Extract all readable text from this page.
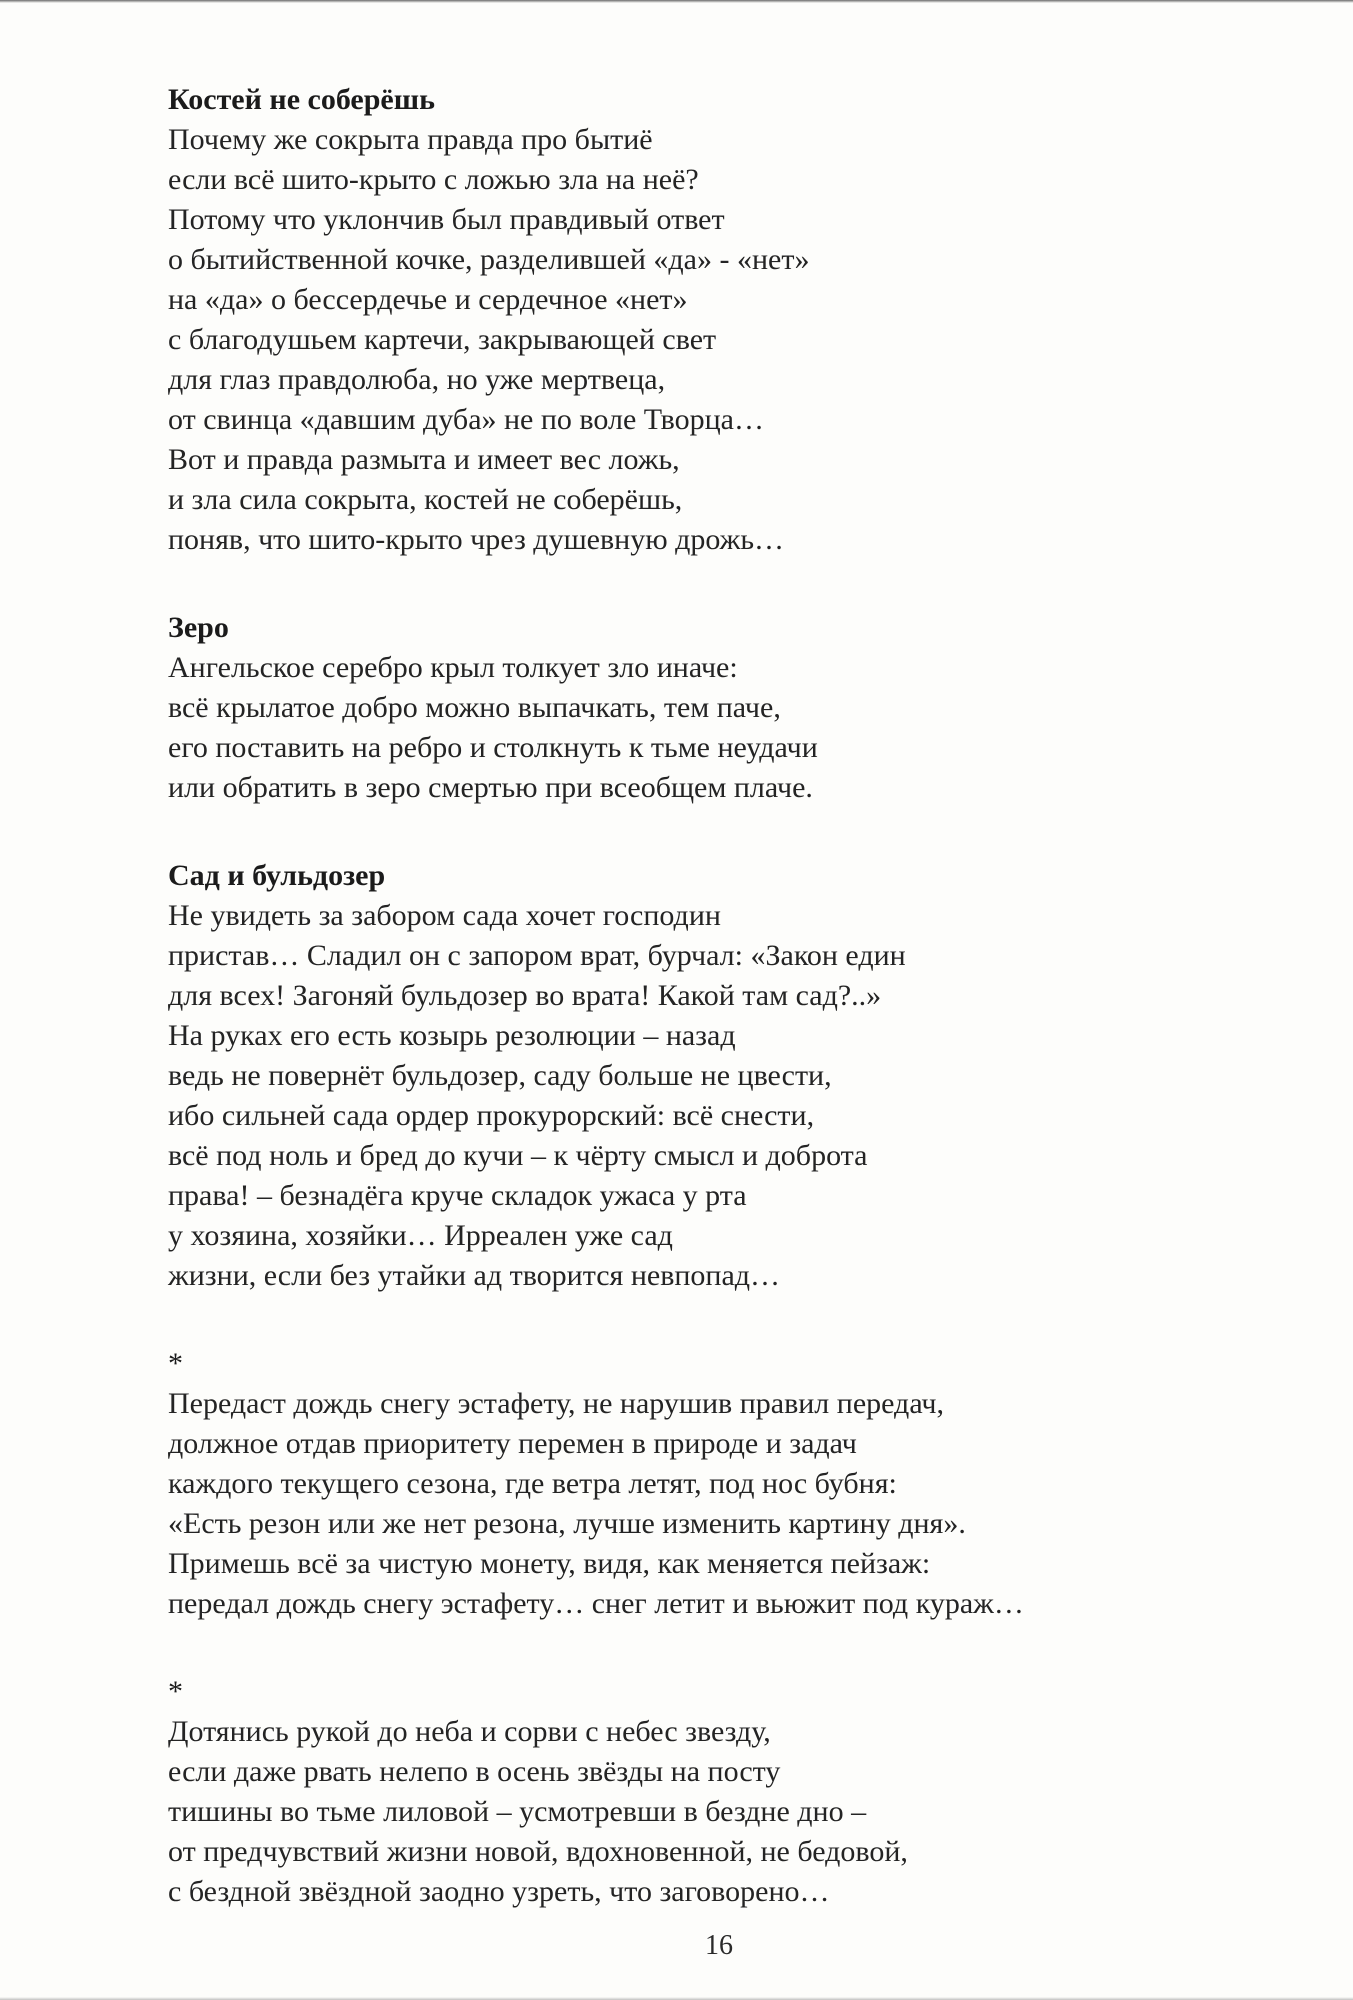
Костей не соберёшь

Почему же сокрыта правда про бытиё

если всё шито-крыто с ложью зла на неё?

Потому что уклончив был правдивый ответ

о бытийственной кочке, разделившей «да» - «нет»

на «да» о бессердечье и сердечное «нет»

с благодушьем картечи, закрывающей свет

для глаз правдолюба, но уже мертвеца,

от свинца «давшим дуба» не по воле Творца…

Вот и правда размыта и имеет вес ложь,

и зла сила сокрыта, костей не соберёшь,

поняв, что шито-крыто чрез душевную дрожь…

Зеро

Ангельское серебро крыл толкует зло иначе:

всё крылатое добро можно выпачкать, тем паче,

его поставить на ребро и столкнуть к тьме неудачи

или обратить в зеро смертью при всеобщем плаче.

Сад и бульдозер

Не увидеть за забором сада хочет господин

пристав… Сладил он с запором врат, бурчал: «Закон един

для всех! Загоняй бульдозер во врата! Какой там сад?..»

На руках его есть козырь резолюции – назад

ведь не повернёт бульдозер, саду больше не цвести,

ибо сильней сада ордер прокурорский: всё снести,

всё под ноль и бред до кучи – к чёрту смысл и доброта

права! – безнадёга круче складок ужаса у рта

у хозяина, хозяйки… Ирреален уже сад

жизни, если без утайки ад творится невпопад…

*

Передаст дождь снегу эстафету, не нарушив правил передач,

должное отдав приоритету перемен в природе и задач

каждого текущего сезона, где ветра летят, под нос бубня:

«Есть резон или же нет резона, лучше изменить картину дня».

Примешь всё за чистую монету, видя, как меняется пейзаж:

передал дождь снегу эстафету… снег летит и вьюжит под кураж…

*

Дотянись рукой до неба и сорви с небес звезду,

если даже рвать нелепо в осень звёзды на посту

тишины во тьме лиловой – усмотревши в бездне дно –

от предчувствий жизни новой, вдохновенной, не бедовой,

с бездной звёздной заодно узреть, что заговорено…

16
